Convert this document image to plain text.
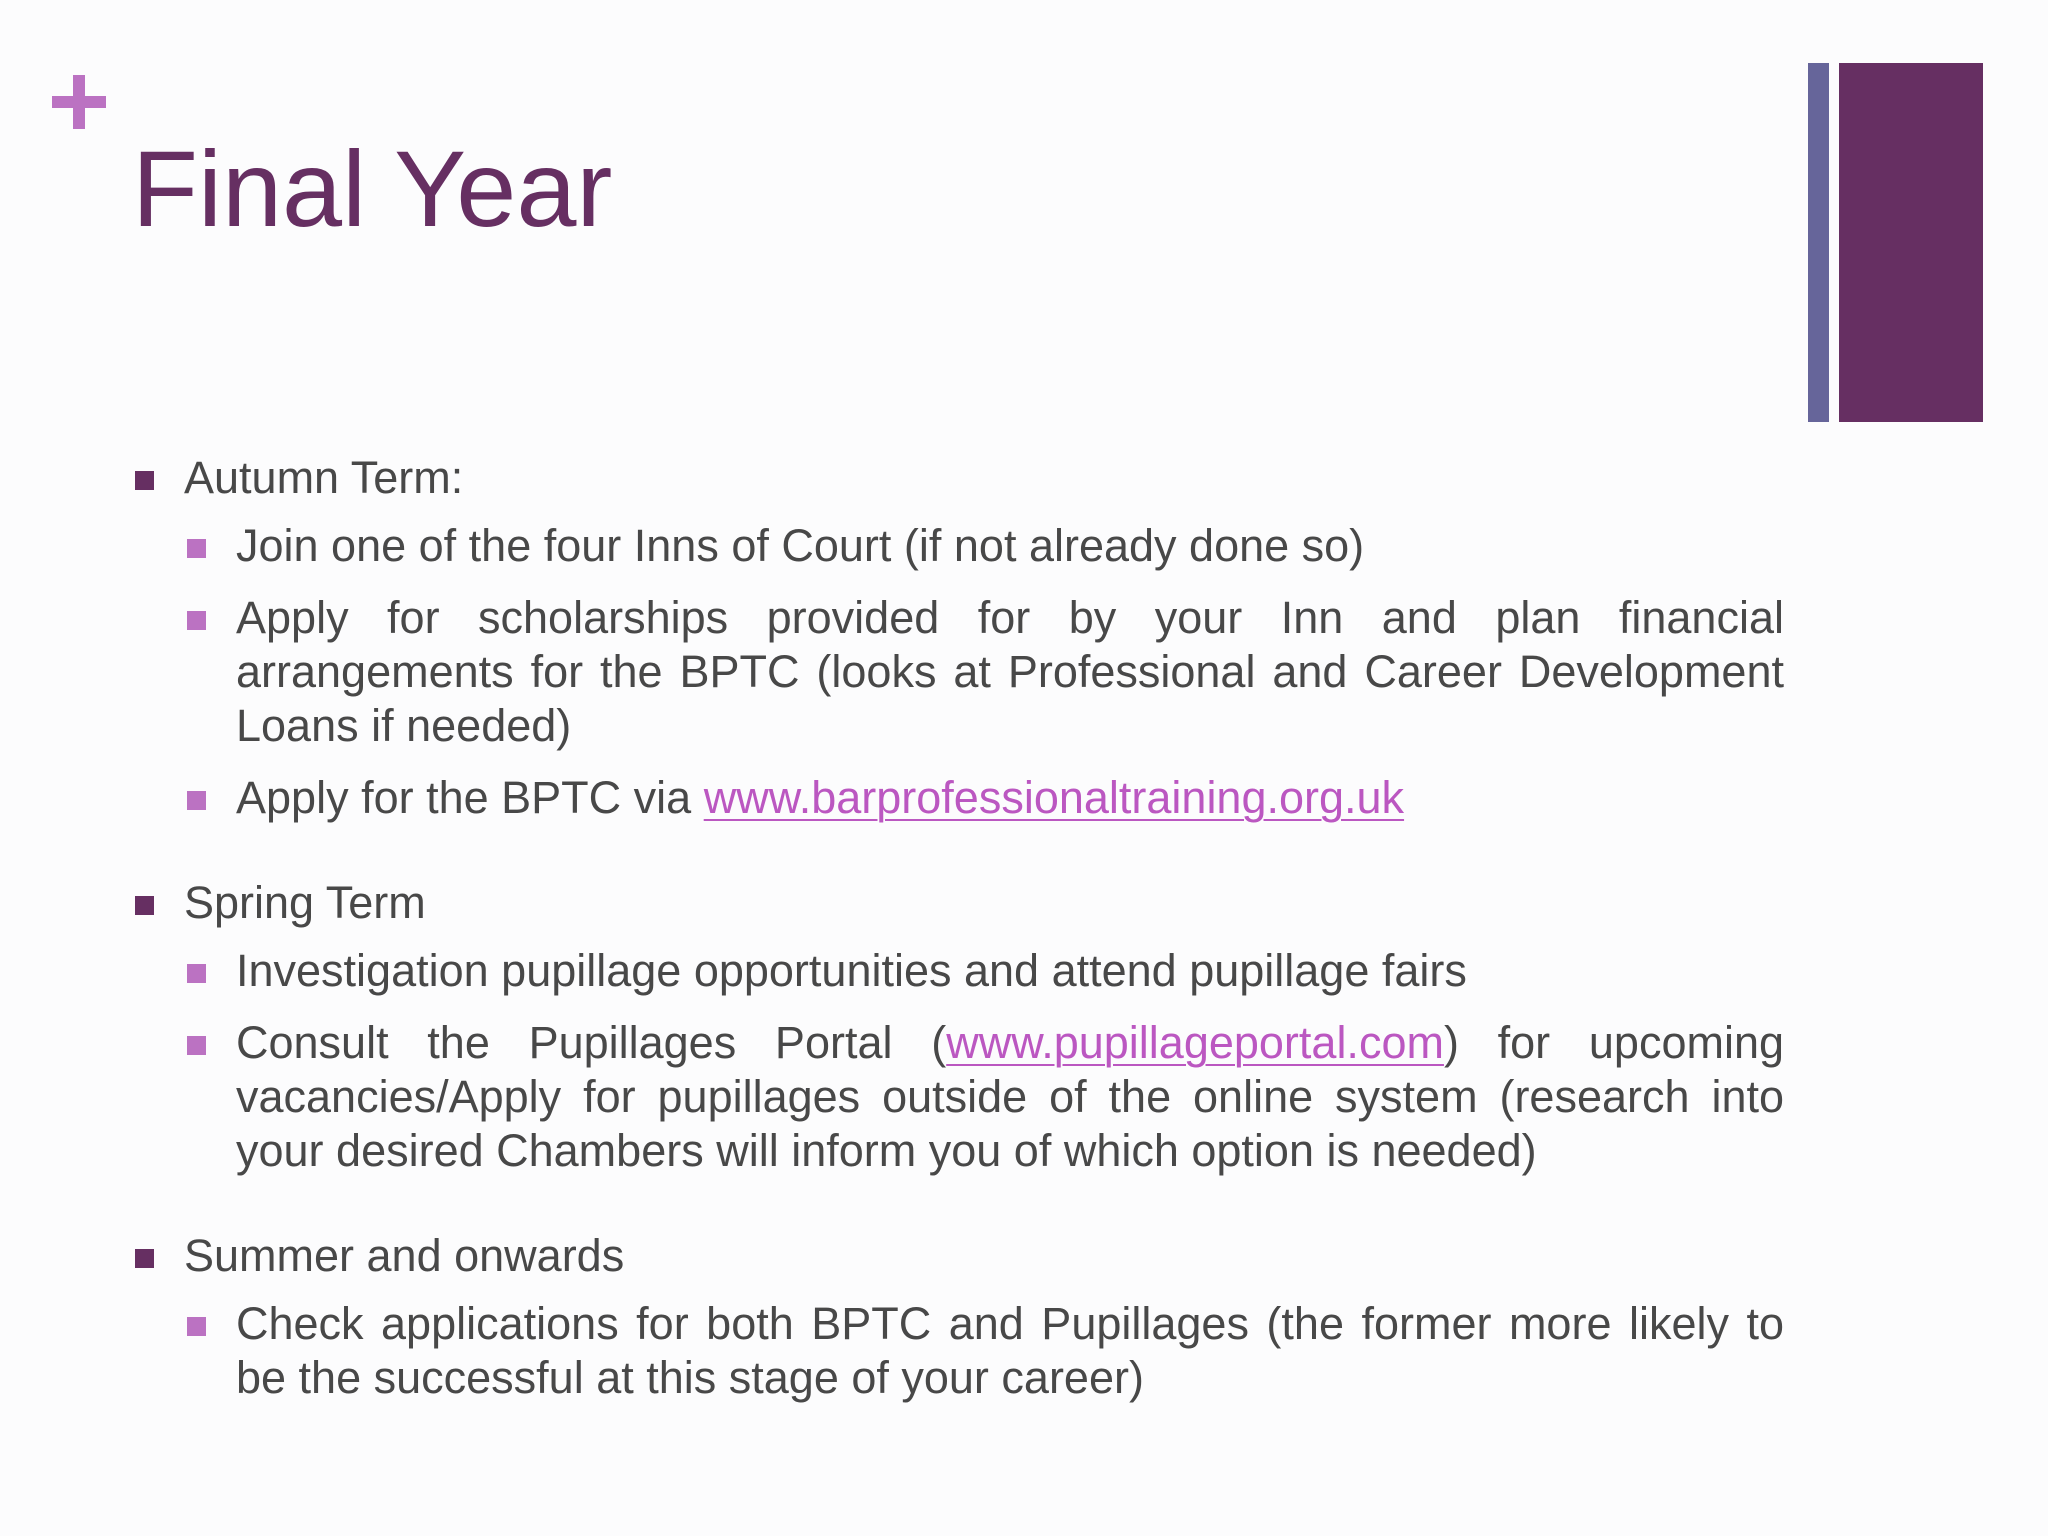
Final Year
Autumn Term:
Join one of the four Inns of Court (if not already done so)
Apply for scholarships provided for by your Inn and plan financial arrangements for the BPTC (looks at Professional and Career Development Loans if needed)
Apply for the BPTC via www.barprofessionaltraining.org.uk
Spring Term
Investigation pupillage opportunities and attend pupillage fairs
Consult the Pupillages Portal (www.pupillageportal.com) for upcoming vacancies/Apply for pupillages outside of the online system (research into your desired Chambers will inform you of which option is needed)
Summer and onwards
Check applications for both BPTC and Pupillages (the former more likely to be the successful at this stage of your career)
